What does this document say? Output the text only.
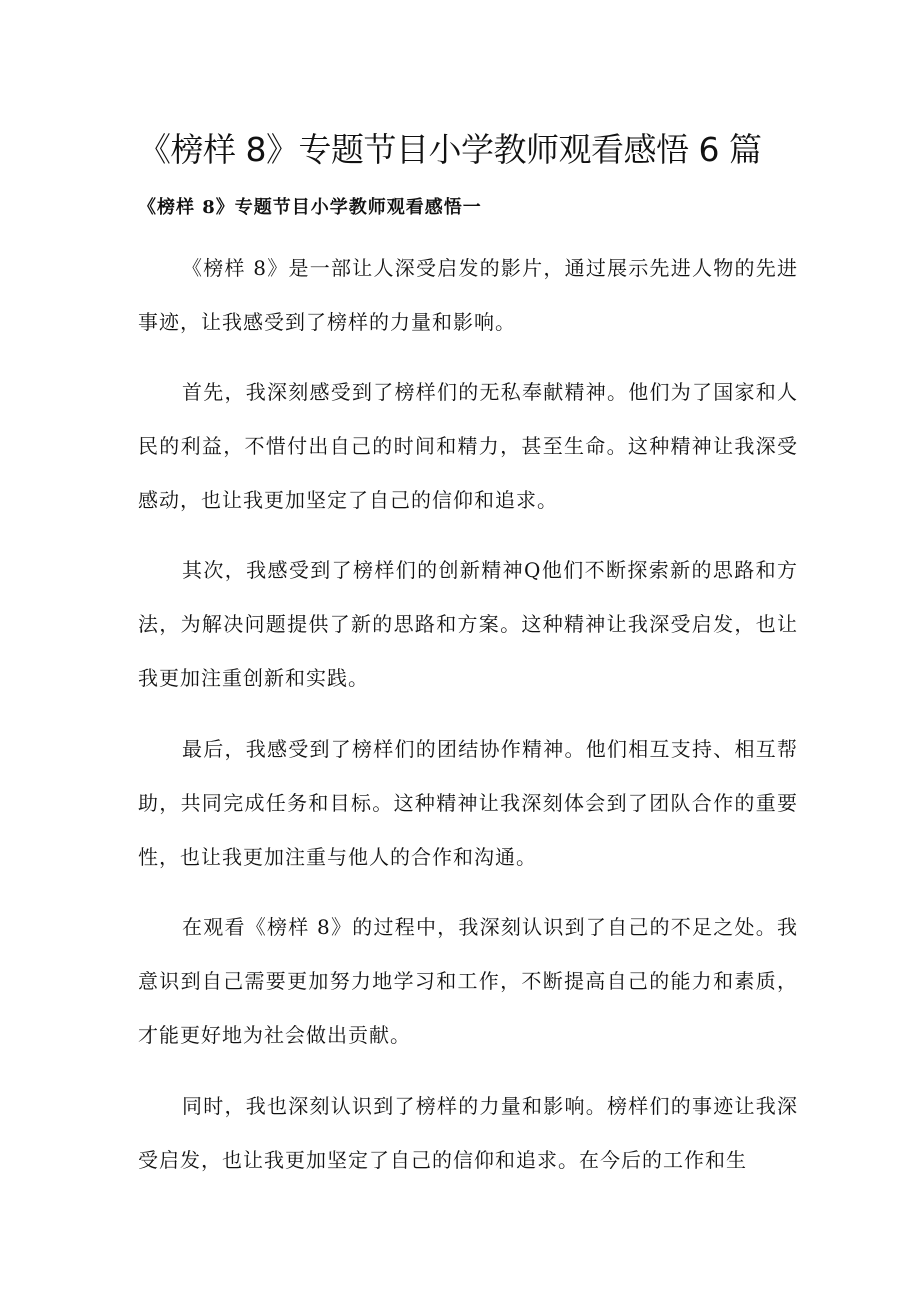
《榜样 8》专题节目小学教师观看感悟 6 篇
《榜样 8》专题节目小学教师观看感悟一

《榜样 8》是一部让人深受启发的影片，通过展示先进人物的先进事迹，让我感受到了榜样的力量和影响。

首先，我深刻感受到了榜样们的无私奉献精神。他们为了国家和人民的利益，不惜付出自己的时间和精力，甚至生命。这种精神让我深受感动，也让我更加坚定了自己的信仰和追求。

其次，我感受到了榜样们的创新精神Q他们不断探索新的思路和方法，为解决问题提供了新的思路和方案。这种精神让我深受启发，也让我更加注重创新和实践。

最后，我感受到了榜样们的团结协作精神。他们相互支持、相互帮助，共同完成任务和目标。这种精神让我深刻体会到了团队合作的重要性，也让我更加注重与他人的合作和沟通。

在观看《榜样 8》的过程中，我深刻认识到了自己的不足之处。我意识到自己需要更加努力地学习和工作，不断提高自己的能力和素质，才能更好地为社会做出贡献。

同时，我也深刻认识到了榜样的力量和影响。榜样们的事迹让我深受启发，也让我更加坚定了自己的信仰和追求。在今后的工作和生
